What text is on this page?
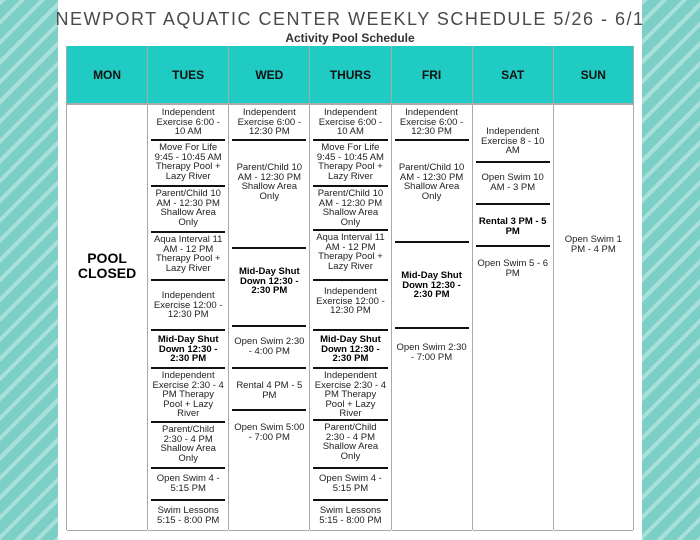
NEWPORT AQUATIC CENTER WEEKLY SCHEDULE 5/26 - 6/1
Activity Pool Schedule
MON
POOL CLOSED
TUES
Independent Exercise 6:00 - 10 AM
Move For Life 9:45 - 10:45 AM Therapy Pool + Lazy River
Parent/Child 10 AM - 12:30 PM Shallow Area Only
Aqua Interval 11 AM - 12 PM Therapy Pool + Lazy River
Independent Exercise 12:00 - 12:30 PM
Mid-Day Shut Down 12:30 - 2:30 PM
Independent Exercise 2:30 - 4 PM Therapy Pool + Lazy River
Parent/Child 2:30 - 4 PM Shallow Area Only
Open Swim 4 - 5:15 PM
Swim Lessons 5:15 - 8:00 PM
WED
Independent Exercise 6:00 - 12:30 PM
Parent/Child 10 AM - 12:30 PM Shallow Area Only
Mid-Day Shut Down 12:30 - 2:30 PM
Open Swim 2:30 - 4:00 PM
Rental 4 PM - 5 PM
Open Swim 5:00 - 7:00 PM
THURS
Independent Exercise 6:00 - 10 AM
Move For Life 9:45 - 10:45 AM Therapy Pool + Lazy River
Parent/Child 10 AM - 12:30 PM Shallow Area Only
Aqua Interval 11 AM - 12 PM Therapy Pool + Lazy River
Independent Exercise 12:00 - 12:30 PM
Mid-Day Shut Down 12:30 - 2:30 PM
Independent Exercise 2:30 - 4 PM Therapy Pool + Lazy River
Parent/Child 2:30 - 4 PM Shallow Area Only
Open Swim 4 - 5:15 PM
Swim Lessons 5:15 - 8:00 PM
FRI
Independent Exercise 6:00 - 12:30 PM
Parent/Child 10 AM - 12:30 PM Shallow Area Only
Mid-Day Shut Down 12:30 - 2:30 PM
Open Swim 2:30 - 7:00 PM
SAT
Independent Exercise 8 - 10 AM
Open Swim 10 AM - 3 PM
Rental 3 PM - 5 PM
Open Swim 5 - 6 PM
SUN
Open Swim 1 PM - 4 PM
